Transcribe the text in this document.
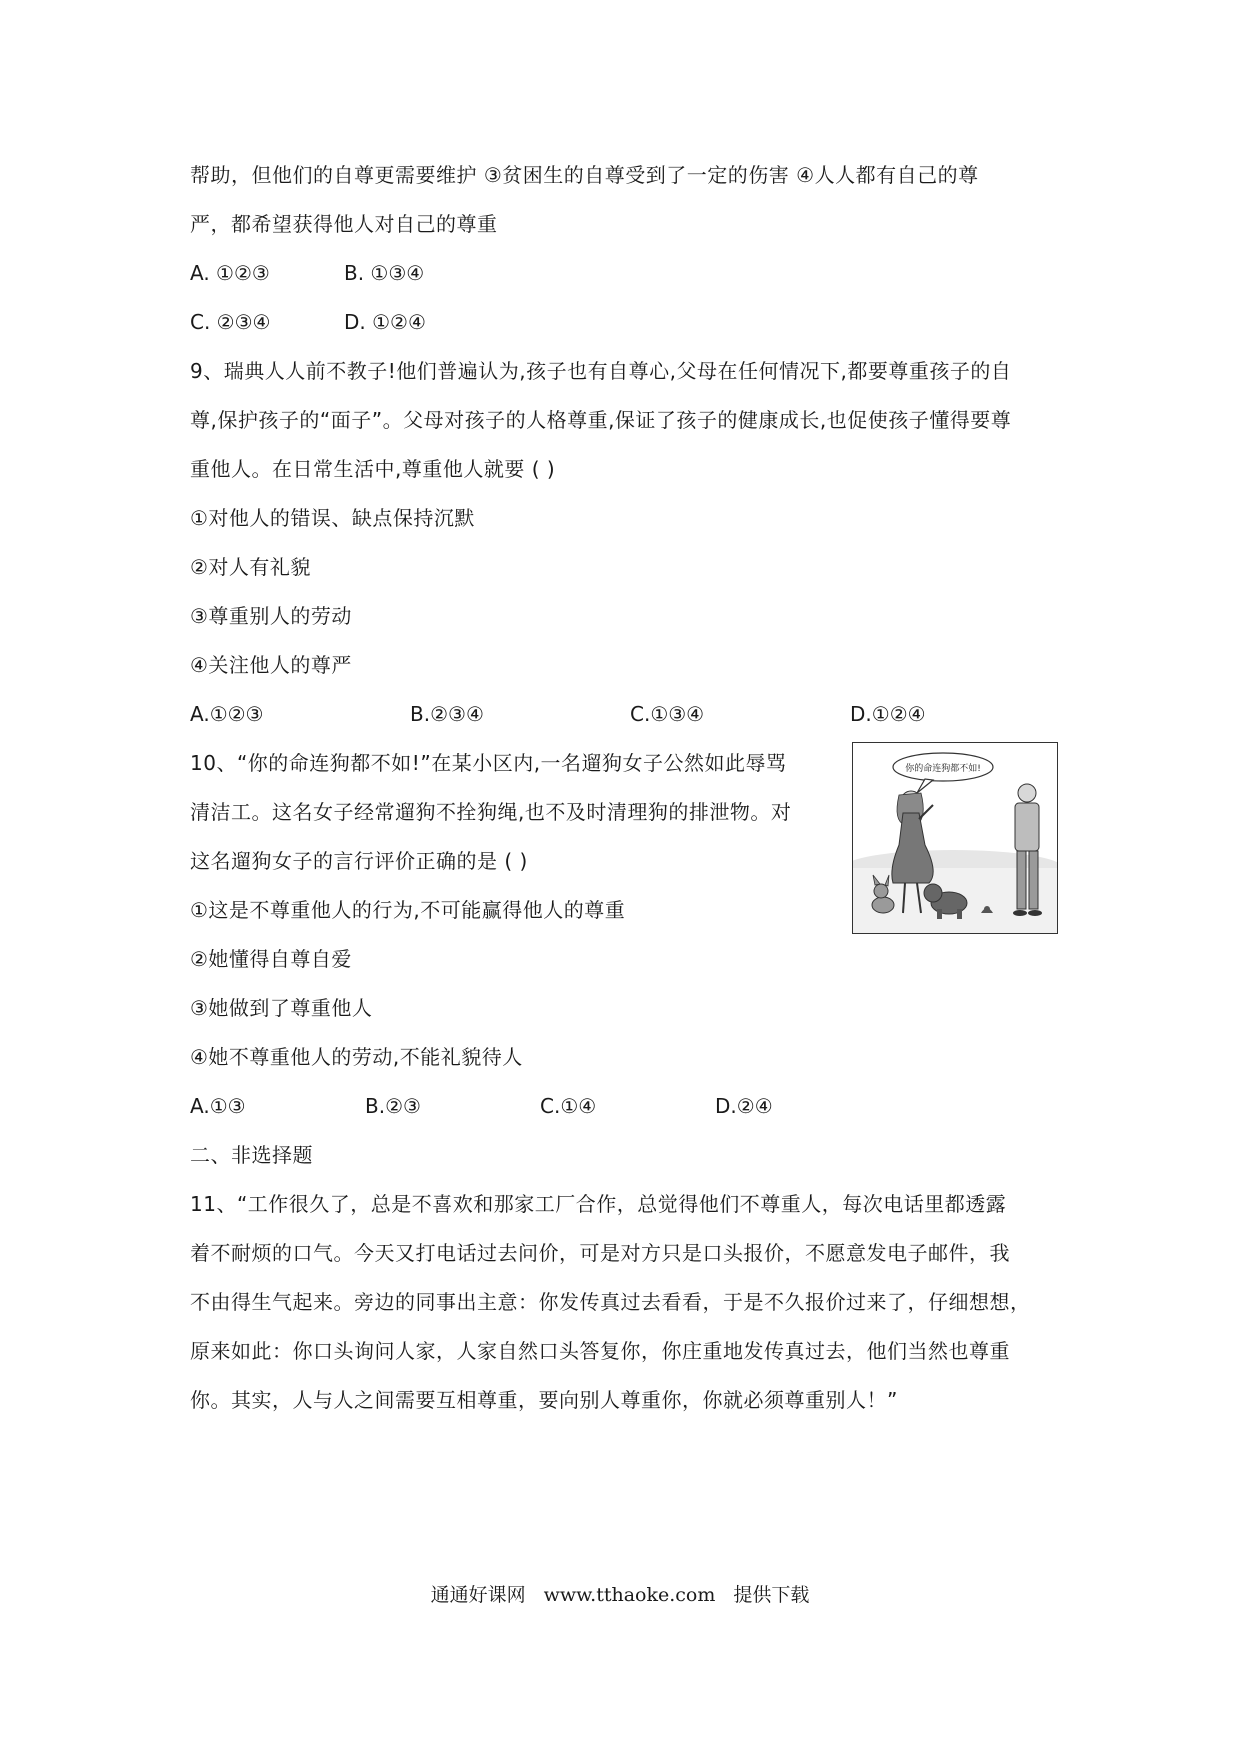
帮助，但他们的自尊更需要维护 ③贫困生的自尊受到了一定的伤害 ④人人都有自己的尊
严，都希望获得他人对自己的尊重
A. ①②③	B. ①③④
C. ②③④	D. ①②④
9、瑞典人人前不教子!他们普遍认为,孩子也有自尊心,父母在任何情况下,都要尊重孩子的自
尊,保护孩子的“面子”。父母对孩子的人格尊重,保证了孩子的健康成长,也促使孩子懂得要尊
重他人。在日常生活中,尊重他人就要 ( )
①对他人的错误、缺点保持沉默
②对人有礼貌
③尊重别人的劳动
④关注他人的尊严
A.①②③	B.②③④	C.①③④	D.①②④
10、“你的命连狗都不如!”在某小区内,一名遛狗女子公然如此辱骂
清洁工。这名女子经常遛狗不拴狗绳,也不及时清理狗的排泄物。对
这名遛狗女子的言行评价正确的是 ( )
①这是不尊重他人的行为,不可能赢得他人的尊重
②她懂得自尊自爱
③她做到了尊重他人
④她不尊重他人的劳动,不能礼貌待人
A.①③	B.②③	C.①④	D.②④
你的命连狗都不如!
二、非选择题
11、“工作很久了，总是不喜欢和那家工厂合作，总觉得他们不尊重人，每次电话里都透露
着不耐烦的口气。今天又打电话过去问价，可是对方只是口头报价，不愿意发电子邮件，我
不由得生气起来。旁边的同事出主意：你发传真过去看看，于是不久报价过来了，仔细想想，
原来如此：你口头询问人家，人家自然口头答复你，你庄重地发传真过去，他们当然也尊重
你。其实，人与人之间需要互相尊重，要向别人尊重你，你就必须尊重别人！”
通通好课网 www.tthaoke.com 提供下载
